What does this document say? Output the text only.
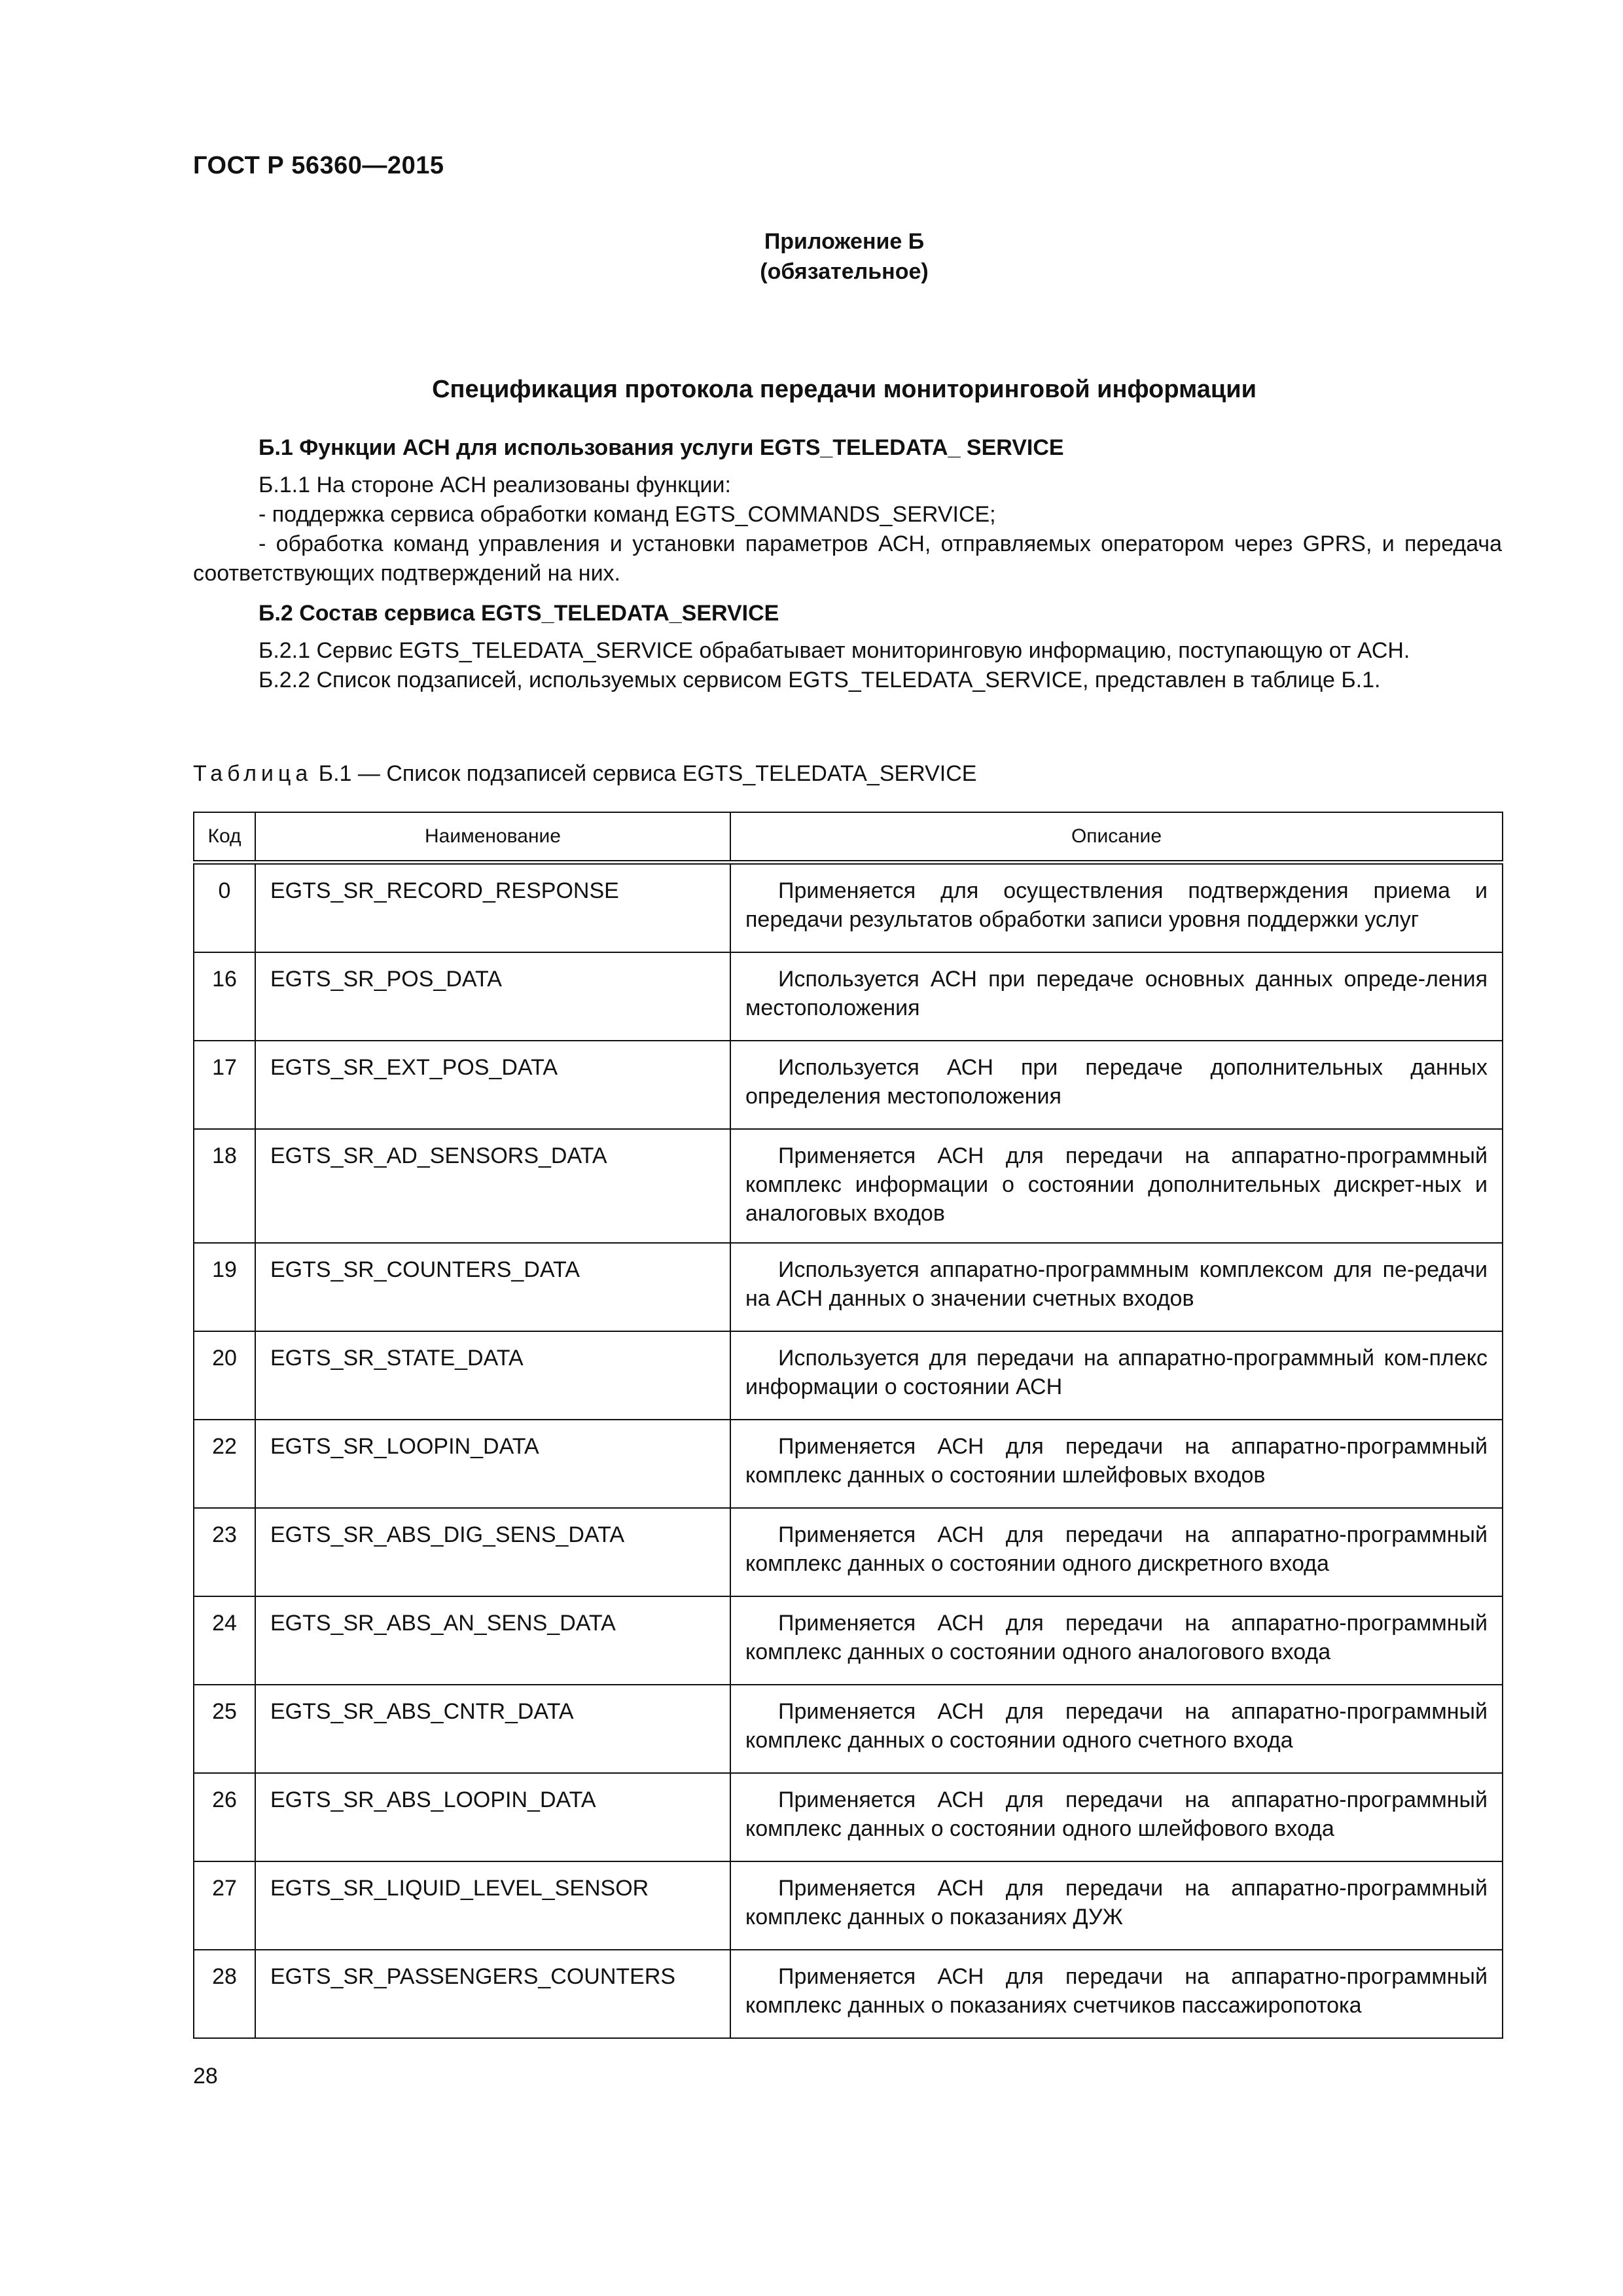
ГОСТ Р 56360—2015
Приложение Б
(обязательное)
Спецификация протокола передачи мониторинговой информации

Б.1 Функции АСН для использования услуги EGTS_TELEDATA_ SERVICE

Б.1.1 На стороне АСН реализованы функции:

- поддержка сервиса обработки команд EGTS_COMMANDS_SERVICE;

- обработка команд управления и установки параметров АСН, отправляемых оператором через GPRS, и передача соответствующих подтверждений на них.

Б.2 Состав сервиса EGTS_TELEDATA_SERVICE

Б.2.1 Сервис EGTS_TELEDATA_SERVICE обрабатывает мониторинговую информацию, поступающую от АСН.

Б.2.2 Список подзаписей, используемых сервисом EGTS_TELEDATA_SERVICE, представлен в таблице Б.1.

Таблица Б.1 — Список подзаписей сервиса EGTS_TELEDATA_SERVICE
Код	Наименование	Описание
0	EGTS_SR_RECORD_RESPONSE	Применяется для осуществления подтверждения приема и передачи результатов обработки записи уровня поддержки услуг
16	EGTS_SR_POS_DATA	Используется АСН при передаче основных данных опреде-ления местоположения
17	EGTS_SR_EXT_POS_DATA	Используется АСН при передаче дополнительных данных определения местоположения
18	EGTS_SR_AD_SENSORS_DATA	Применяется АСН для передачи на аппаратно-программный комплекс информации о состоянии дополнительных дискрет-ных и аналоговых входов
19	EGTS_SR_COUNTERS_DATA	Используется аппаратно-программным комплексом для пе-редачи на АСН данных о значении счетных входов
20	EGTS_SR_STATE_DATA	Используется для передачи на аппаратно-программный ком-плекс информации о состоянии АСН
22	EGTS_SR_LOOPIN_DATA	Применяется АСН для передачи на аппаратно-программный комплекс данных о состоянии шлейфовых входов
23	EGTS_SR_ABS_DIG_SENS_DATA	Применяется АСН для передачи на аппаратно-программный комплекс данных о состоянии одного дискретного входа
24	EGTS_SR_ABS_AN_SENS_DATA	Применяется АСН для передачи на аппаратно-программный комплекс данных о состоянии одного аналогового входа
25	EGTS_SR_ABS_CNTR_DATA	Применяется АСН для передачи на аппаратно-программный комплекс данных о состоянии одного счетного входа
26	EGTS_SR_ABS_LOOPIN_DATA	Применяется АСН для передачи на аппаратно-программный комплекс данных о состоянии одного шлейфового входа
27	EGTS_SR_LIQUID_LEVEL_SENSOR	Применяется АСН для передачи на аппаратно-программный комплекс данных о показаниях ДУЖ
28	EGTS_SR_PASSENGERS_COUNTERS	Применяется АСН для передачи на аппаратно-программный комплекс данных о показаниях счетчиков пассажиропотока
28
